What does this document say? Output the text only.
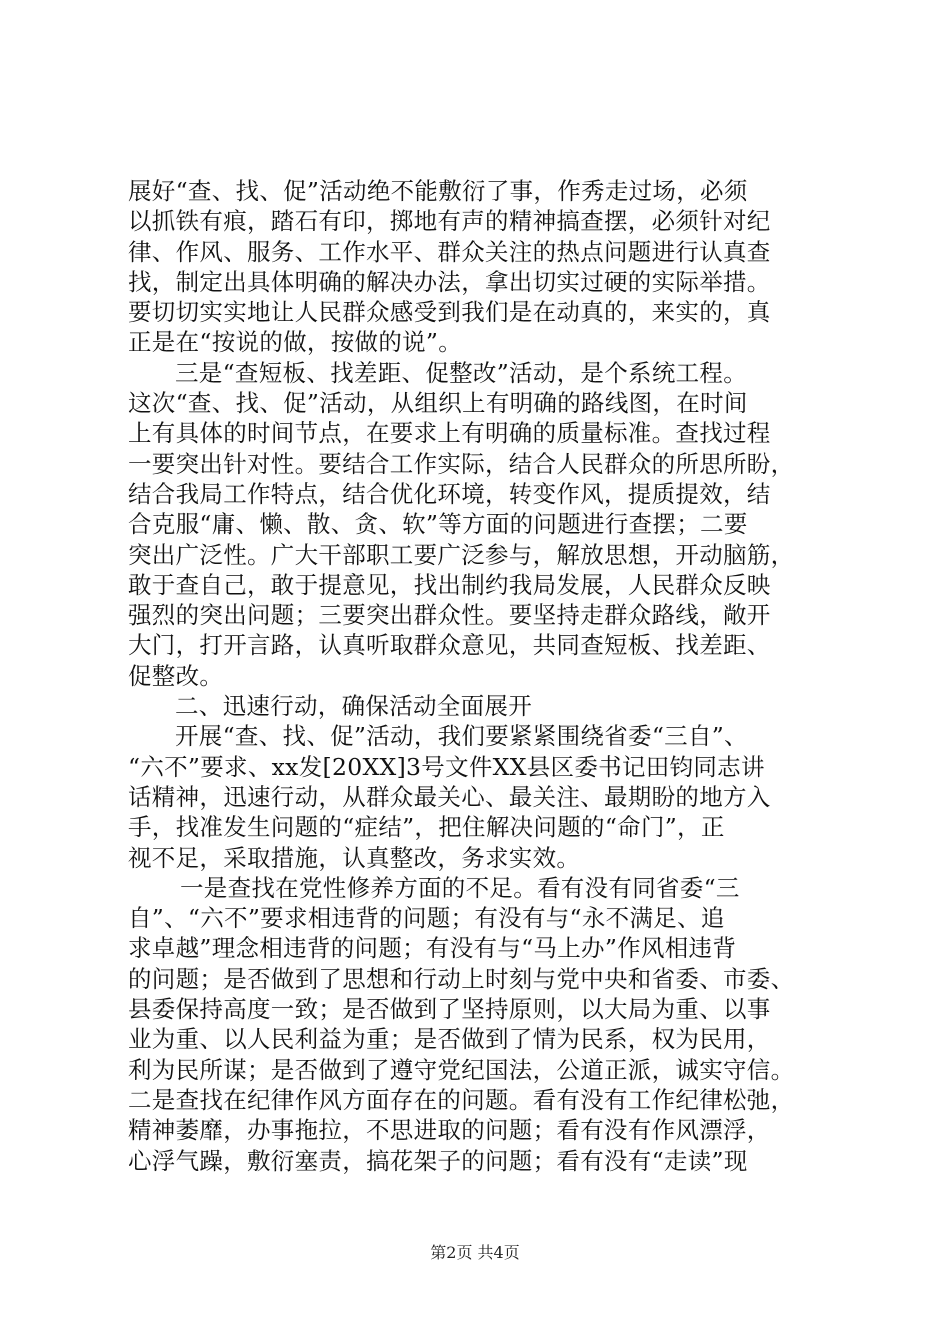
展好“查、找、促”活动绝不能敷衍了事，作秀走过场，必须
以抓铁有痕，踏石有印，掷地有声的精神搞查摆，必须针对纪
律、作风、服务、工作水平、群众关注的热点问题进行认真查
找，制定出具体明确的解决办法，拿出切实过硬的实际举措。
要切切实实地让人民群众感受到我们是在动真的，来实的，真
正是在“按说的做，按做的说”。
三是“查短板、找差距、促整改”活动，是个系统工程。
这次“查、找、促”活动，从组织上有明确的路线图，在时间
上有具体的时间节点，在要求上有明确的质量标准。查找过程
一要突出针对性。要结合工作实际，结合人民群众的所思所盼，
结合我局工作特点，结合优化环境，转变作风，提质提效，结
合克服“庸、懒、散、贪、软”等方面的问题进行查摆；二要
突出广泛性。广大干部职工要广泛参与，解放思想，开动脑筋，
敢于查自己，敢于提意见，找出制约我局发展，人民群众反映
强烈的突出问题；三要突出群众性。要坚持走群众路线，敞开
大门，打开言路，认真听取群众意见，共同查短板、找差距、
促整改。
二、迅速行动，确保活动全面展开
开展“查、找、促”活动，我们要紧紧围绕省委“三自”、
“六不”要求、xx发[20XX]3号文件XX县区委书记田钧同志讲
话精神，迅速行动，从群众最关心、最关注、最期盼的地方入
手，找准发生问题的“症结”，把住解决问题的“命门”，正
视不足，采取措施，认真整改，务求实效。
一是查找在党性修养方面的不足。看有没有同省委“三
自”、“六不”要求相违背的问题；有没有与“永不满足、追
求卓越”理念相违背的问题；有没有与“马上办”作风相违背
的问题；是否做到了思想和行动上时刻与党中央和省委、市委、
县委保持高度一致；是否做到了坚持原则，以大局为重、以事
业为重、以人民利益为重；是否做到了情为民系，权为民用，
利为民所谋；是否做到了遵守党纪国法，公道正派，诚实守信。
二是查找在纪律作风方面存在的问题。看有没有工作纪律松弛，
精神萎靡，办事拖拉，不思进取的问题；看有没有作风漂浮，
心浮气躁，敷衍塞责，搞花架子的问题；看有没有“走读”现
第2页 共4页
